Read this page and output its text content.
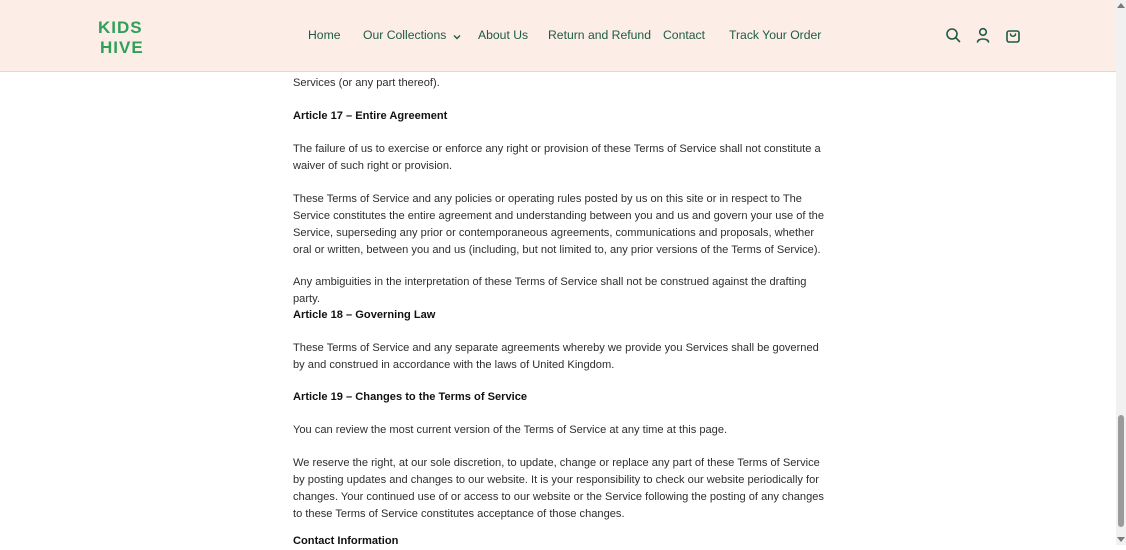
Services (or any part thereof).

Article 17 – Entire Agreement

The failure of us to exercise or enforce any right or provision of these Terms of Service shall not constitute a waiver of such right or provision.

These Terms of Service and any policies or operating rules posted by us on this site or in respect to The Service constitutes the entire agreement and understanding between you and us and govern your use of the Service, superseding any prior or contemporaneous agreements, communications and proposals, whether oral or written, between you and us (including, but not limited to, any prior versions of the Terms of Service).

Any ambiguities in the interpretation of these Terms of Service shall not be construed against the drafting party.

Article 18 – Governing Law

These Terms of Service and any separate agreements whereby we provide you Services shall be governed by and construed in accordance with the laws of United Kingdom.

Article 19 – Changes to the Terms of Service

You can review the most current version of the Terms of Service at any time at this page.

We reserve the right, at our sole discretion, to update, change or replace any part of these Terms of Service by posting updates and changes to our website. It is your responsibility to check our website periodically for changes. Your continued use of or access to our website or the Service following the posting of any changes to these Terms of Service constitutes acceptance of those changes.

Contact Information

KIDS
HIVE
Home Our Collections	About Us Return and Refund Contact Track Your Order
